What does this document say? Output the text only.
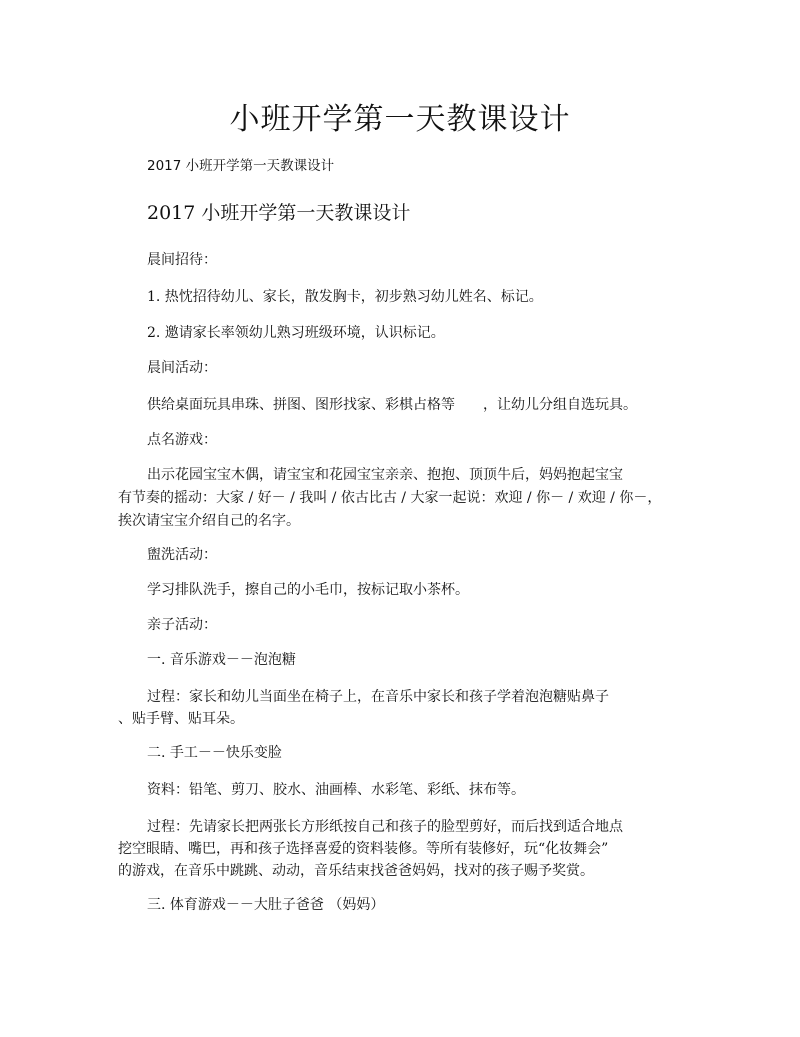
小班开学第一天教课设计

2017 小班开学第一天教课设计

2017 小班开学第一天教课设计

晨间招待：

1. 热忱招待幼儿、家长，散发胸卡，初步熟习幼儿姓名、标记。

2. 邀请家长率领幼儿熟习班级环境，认识标记。

晨间活动：

供给桌面玩具串珠、拼图、图形找家、彩棋占格等　　，让幼儿分组自选玩具。

点名游戏：

出示花园宝宝木偶，请宝宝和花园宝宝亲亲、抱抱、顶顶牛后，妈妈抱起宝宝

有节奏的摇动：大家 / 好－ / 我叫 / 依古比古 / 大家一起说：欢迎 / 你－ / 欢迎 / 你－，

挨次请宝宝介绍自己的名字。

盥洗活动：

学习排队洗手，擦自己的小毛巾，按标记取小茶杯。

亲子活动：

一. 音乐游戏－－泡泡糖

过程：家长和幼儿当面坐在椅子上，在音乐中家长和孩子学着泡泡糖贴鼻子

、贴手臂、贴耳朵。

二. 手工－－快乐变脸

资料：铅笔、剪刀、胶水、油画棒、水彩笔、彩纸、抹布等。

过程：先请家长把两张长方形纸按自己和孩子的脸型剪好，而后找到适合地点

挖空眼睛、嘴巴，再和孩子选择喜爱的资料装修。等所有装修好，玩“化妆舞会”

的游戏，在音乐中跳跳、动动，音乐结束找爸爸妈妈，找对的孩子赐予奖赏。

三. 体育游戏－－大肚子爸爸 （妈妈）
